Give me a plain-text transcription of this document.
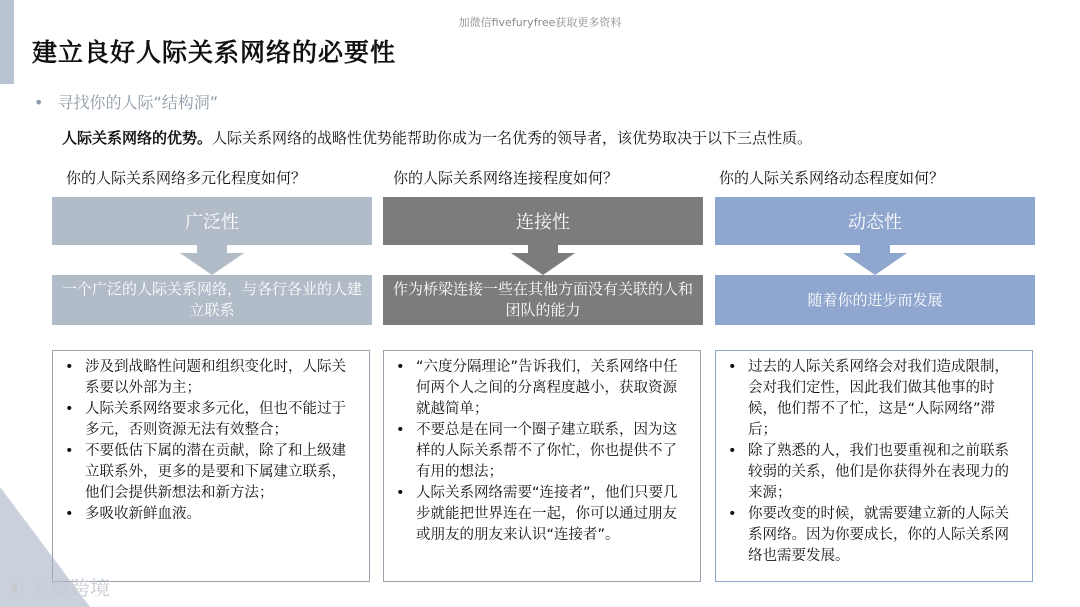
加微信fivefuryfree获取更多资料
建立良好人际关系网络的必要性
• 寻找你的人际“结构洞”
人际关系网络的优势。人际关系网络的战略性优势能帮助你成为一名优秀的领导者，该优势取决于以下三点性质。
你的人际关系网络多元化程度如何？
广泛性
一个广泛的人际关系网络，与各行各业的人建立联系
• 涉及到战略性问题和组织变化时，人际关系要以外部为主；
• 人际关系网络要求多元化，但也不能过于多元，否则资源无法有效整合；
• 不要低估下属的潜在贡献，除了和上级建立联系外，更多的是要和下属建立联系，他们会提供新想法和新方法；
• 多吸收新鲜血液。
你的人际关系网络连接程度如何？
连接性
作为桥梁连接一些在其他方面没有关联的人和团队的能力
• “六度分隔理论”告诉我们，关系网络中任何两个人之间的分离程度越小，获取资源就越简单；
• 不要总是在同一个圈子建立联系，因为这样的人际关系帮不了你忙，你也提供不了有用的想法；
• 人际关系网络需要“连接者”，他们只要几步就能把世界连在一起，你可以通过朋友或朋友的朋友来认识“连接者”。
你的人际关系网络动态程度如何？
动态性
随着你的进步而发展
• 过去的人际关系网络会对我们造成限制，会对我们定性，因此我们做其他事的时候，他们帮不了忙，这是“人际网络”滞后；
• 除了熟悉的人，我们也要重视和之前联系较弱的关系，他们是你获得外在表现力的来源；
• 你要改变的时候，就需要建立新的人际关系网络。因为你要成长，你的人际关系网络也需要发展。
◐ 大数跨境
